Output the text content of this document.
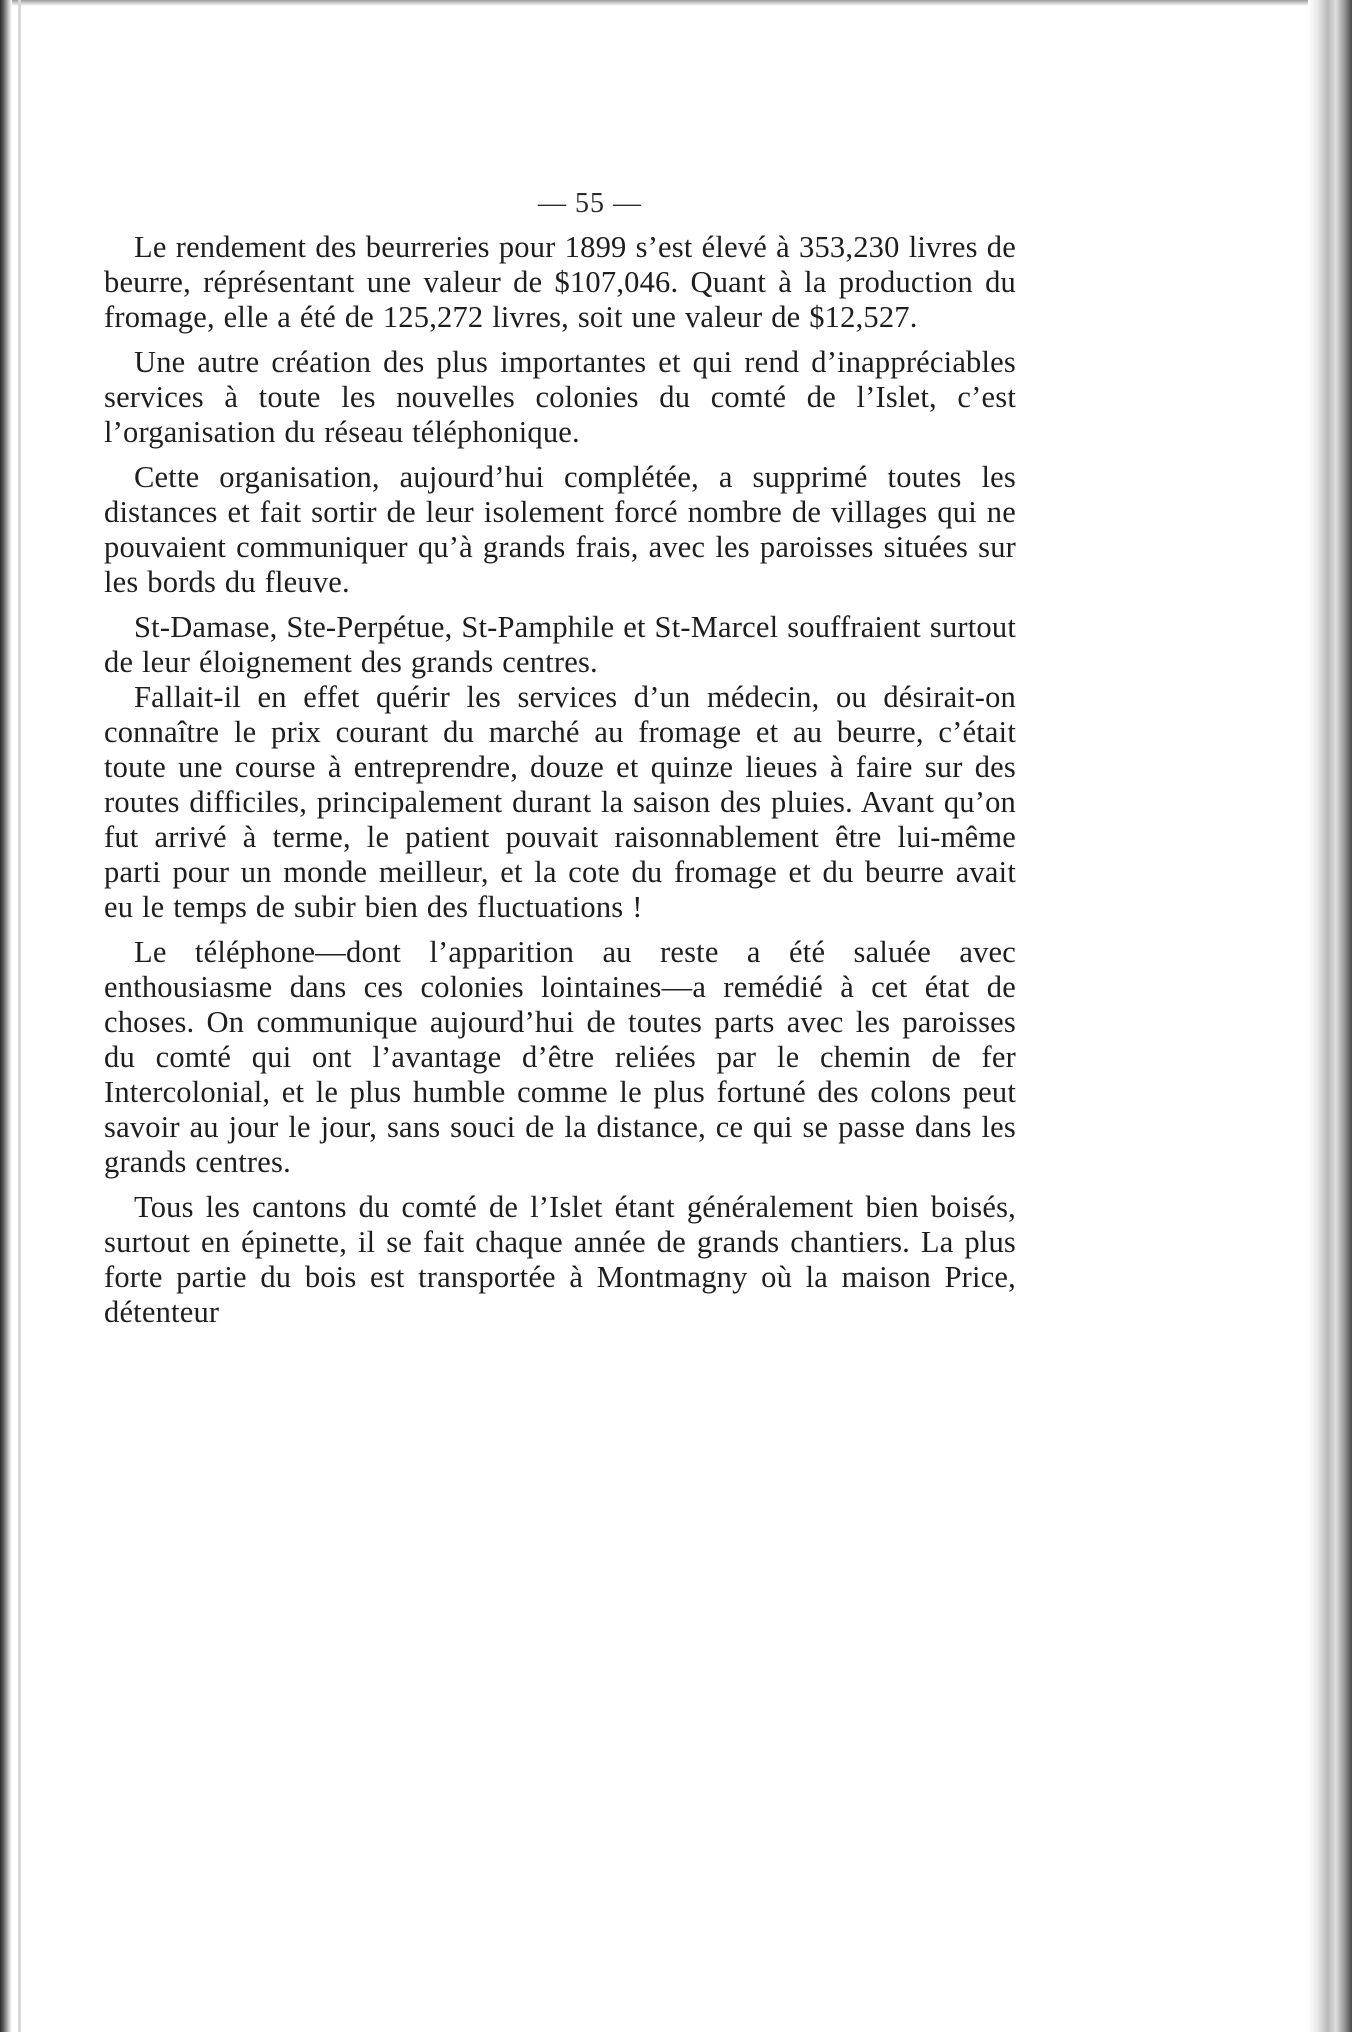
— 55 —

Le rendement des beurreries pour 1899 s’est élevé à 353,230 livres de beurre, réprésentant une valeur de $107,046. Quant à la production du fromage, elle a été de 125,272 livres, soit une valeur de $12,527.

Une autre création des plus importantes et qui rend d’inappréciables services à toute les nouvelles colonies du comté de l’Islet, c’est l’organisation du réseau téléphonique.

Cette organisation, aujourd’hui complétée, a supprimé toutes les distances et fait sortir de leur isolement forcé nombre de villages qui ne pouvaient communiquer qu’à grands frais, avec les paroisses situées sur les bords du fleuve.

St-Damase, Ste-Perpétue, St-Pamphile et St-Marcel souffraient surtout de leur éloignement des grands centres.

Fallait-il en effet quérir les services d’un médecin, ou désirait-on connaître le prix courant du marché au fromage et au beurre, c’était toute une course à entreprendre, douze et quinze lieues à faire sur des routes difficiles, principalement durant la saison des pluies. Avant qu’on fut arrivé à terme, le patient pouvait raisonnablement être lui-même parti pour un monde meilleur, et la cote du fromage et du beurre avait eu le temps de subir bien des fluctuations !

Le téléphone—dont l’apparition au reste a été saluée avec enthousiasme dans ces colonies lointaines—a remédié à cet état de choses. On communique aujourd’hui de toutes parts avec les paroisses du comté qui ont l’avantage d’être reliées par le chemin de fer Intercolonial, et le plus humble comme le plus fortuné des colons peut savoir au jour le jour, sans souci de la distance, ce qui se passe dans les grands centres.

Tous les cantons du comté de l’Islet étant généralement bien boisés, surtout en épinette, il se fait chaque année de grands chantiers. La plus forte partie du bois est transportée à Montmagny où la maison Price, détenteur
